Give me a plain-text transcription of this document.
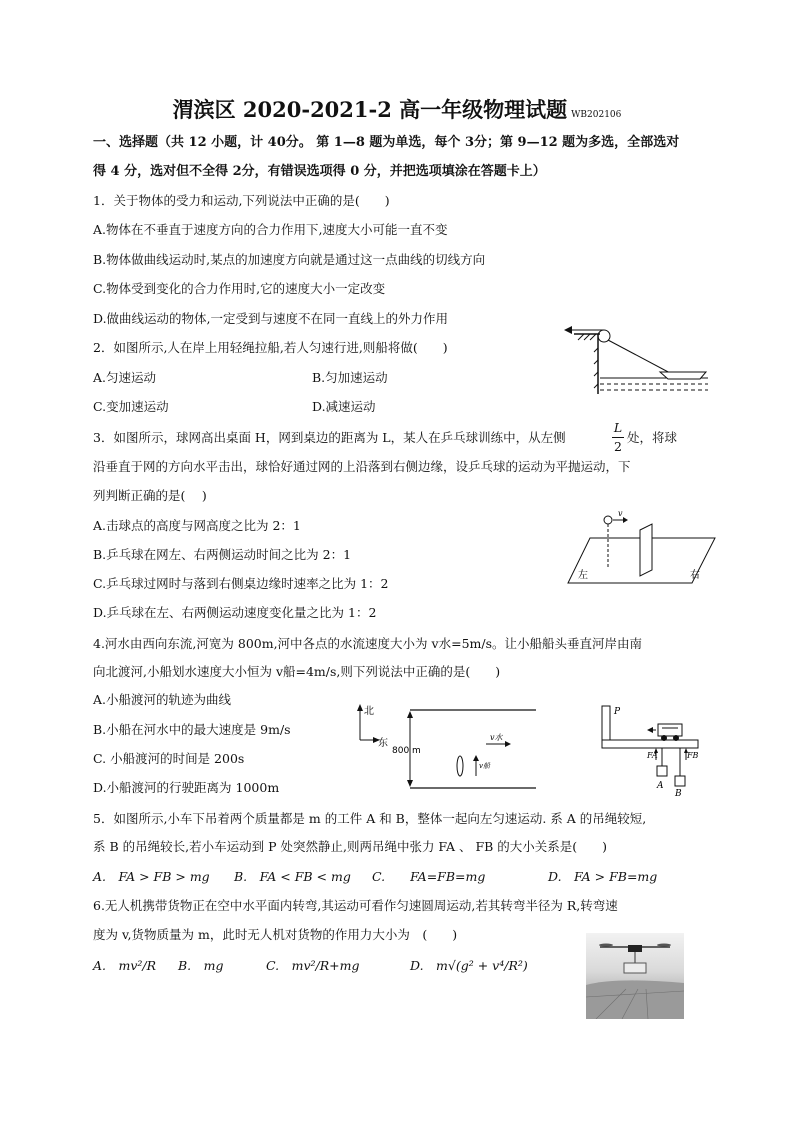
渭滨区 2020-2021-2 高一年级物理试题 WB202106
一、选择题（共 12 小题，计 40分。 第 1—8 题为单选，每个 3分；第 9—12 题为多选，全部选对
得 4 分，选对但不全得 2分，有错误选项得 0 分，并把选项填涂在答题卡上）
1．关于物体的受力和运动,下列说法中正确的是(　　)
A.物体在不垂直于速度方向的合力作用下,速度大小可能一直不变
B.物体做曲线运动时,某点的加速度方向就是通过这一点曲线的切线方向
C.物体受到变化的合力作用时,它的速度大小一定改变
D.做曲线运动的物体,一定受到与速度不在同一直线上的外力作用
2．如图所示,人在岸上用轻绳拉船,若人匀速行进,则船将做(　　)
A.匀速运动	B.匀加速运动
C.变加速运动	D.减速运动
3．如图所示，球网高出桌面 H，网到桌边的距离为 L，某人在乒乓球训练中，从左侧
L
2
处，将球
沿垂直于网的方向水平击出，球恰好通过网的上沿落到右侧边缘，设乒乓球的运动为平抛运动，下
列判断正确的是(　 )
A.击球点的高度与网高度之比为 2：1
B.乒乓球在网左、右两侧运动时间之比为 2：1
C.乒乓球过网时与落到右侧桌边缘时速率之比为 1：2
D.乒乓球在左、右两侧运动速度变化量之比为 1：2
v
左	右
4.河水由西向东流,河宽为 800m,河中各点的水流速度大小为 v水=5m/s。让小船船头垂直河岸由南
向北渡河,小船划水速度大小恒为 v船=4m/s,则下列说法中正确的是(　　)
A.小船渡河的轨迹为曲线
B.小船在河水中的最大速度是 9m/s
C. 小船渡河的时间是 200s
D.小船渡河的行驶距离为 1000m
北
东
800 m
v水
v船
P
FA	FB
A
B
5．如图所示,小车下吊着两个质量都是 m 的工件 A 和 B，整体一起向左匀速运动. 系 A 的吊绳较短,
系 B 的吊绳较长,若小车运动到 P 处突然静止,则两吊绳中张力 FA 、 FB 的大小关系是(　　)
A.　FA > FB > mg B.　FA < FB < mg C.　　FA=FB=mg	D.　FA > FB=mg
6.无人机携带货物正在空中水平面内转弯,其运动可看作匀速圆周运动,若其转弯半径为 R,转弯速
度为 v,货物质量为 m，此时无人机对货物的作用力大小为　(　　)
A.　mv²/R B.　mg	C.　mv²/R+mg	D.　m√(g² + v⁴/R²)
